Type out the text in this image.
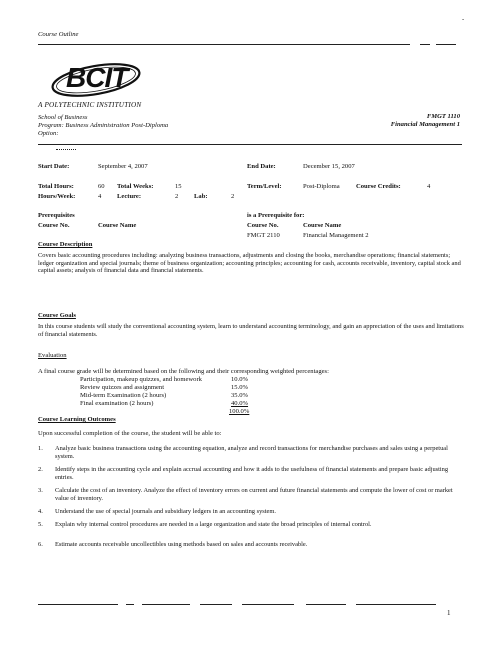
Course Outline
-
BCIT
A POLYTECHNIC INSTITUTION
School of Business
Program: Business Administration Post-Diploma
Option:
FMGT 1110
Financial Management 1
Start Date:	September 4, 2007	End Date:	December 15, 2007
Total Hours:	60 Total Weeks:	15	Term/Level:	Post-Diploma Course Credits:	4
Hours/Week:	4 Lecture:	2 Lab:	2
Prerequisites
Course No.	Course Name
is a Prerequisite for:
Course No.	Course Name
FMGT 2110	Financial Management 2
Course Description
Covers basic accounting procedures including: analyzing business transactions, adjustments and closing the books, merchandise operations; financial statements; ledger organization and special journals; theme of business organization; accounting principles; accounting for cash, accounts receivable, inventory, capital stock and capital assets; analysis of financial data and financial statements.
Course Goals
In this course students will study the conventional accounting system, learn to understand accounting terminology, and gain an appreciation of the uses and limitations of financial statements.
Evaluation
A final course grade will be determined based on the following and their corresponding weighted percentages:
Participation, makeup quizzes, and homework	10.0%
Review quizzes and assignment	15.0%
Mid-term Examination (2 hours)	35.0%
Final examination (2 hours)	40.0%
100.0%
Course Learning Outcomes
Upon successful completion of the course, the student will be able to:
1. Analyze basic business transactions using the accounting equation, analyze and record transactions for merchandise purchases and sales using a perpetual system.
2. Identify steps in the accounting cycle and explain accrual accounting and how it adds to the usefulness of financial statements and prepare basic adjusting entries.
3. Calculate the cost of an inventory. Analyze the effect of inventory errors on current and future financial statements and compute the lower of cost or market value of inventory.
4. Understand the use of special journals and subsidiary ledgers in an accounting system.
5. Explain why internal control procedures are needed in a large organization and state the broad principles of internal control.
6. Estimate accounts receivable uncollectibles using methods based on sales and accounts receivable.
1
